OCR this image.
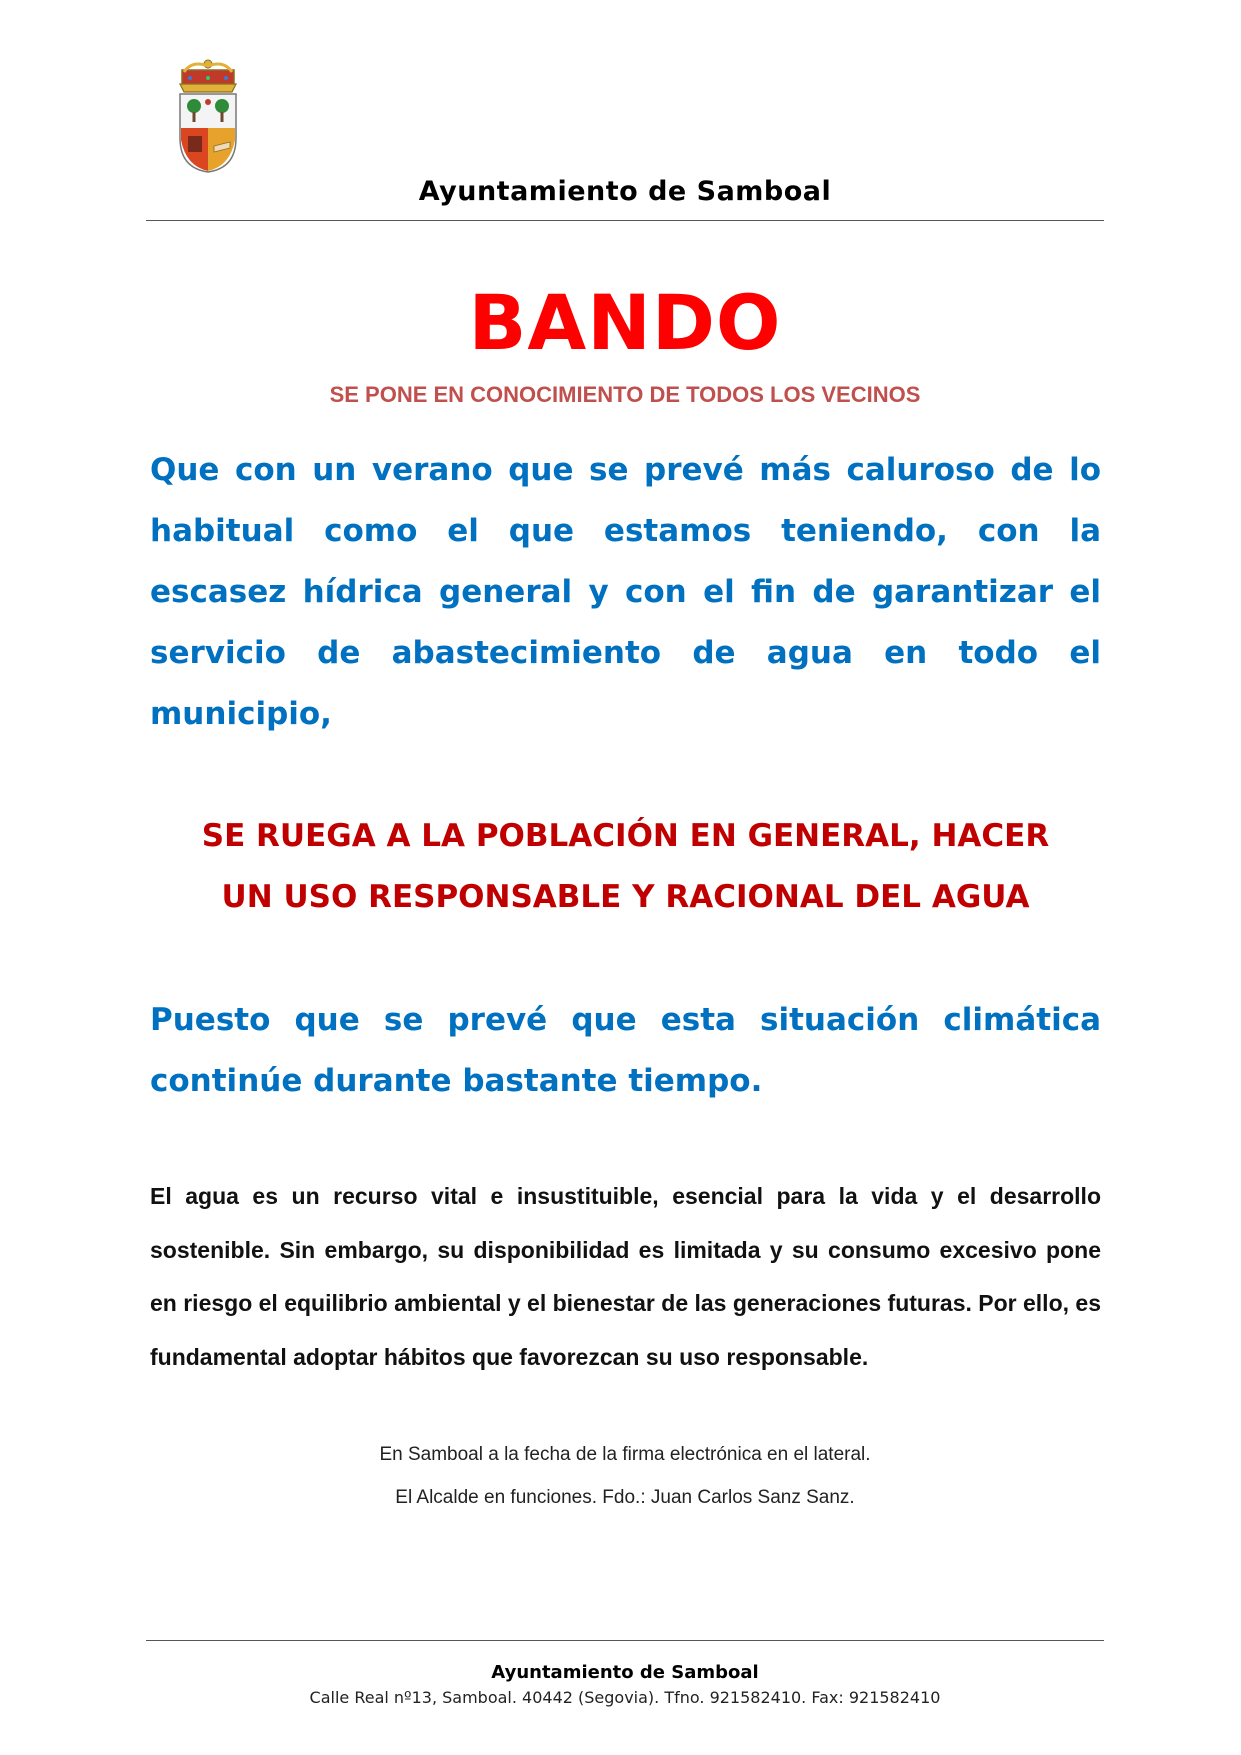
Ayuntamiento de Samboal
BANDO
SE PONE EN CONOCIMIENTO DE TODOS LOS VECINOS
Que con un verano que se prevé más caluroso de lo habitual como el que estamos teniendo, con la escasez hídrica general y con el fin de garantizar el servicio de abastecimiento de agua en todo el municipio,
SE RUEGA A LA POBLACIÓN EN GENERAL, HACER
UN USO RESPONSABLE Y RACIONAL DEL AGUA
Puesto que se prevé que esta situación climática continúe durante bastante tiempo.
El agua es un recurso vital e insustituible, esencial para la vida y el desarrollo sostenible. Sin embargo, su disponibilidad es limitada y su consumo excesivo pone en riesgo el equilibrio ambiental y el bienestar de las generaciones futuras. Por ello, es fundamental adoptar hábitos que favorezcan su uso responsable.
En Samboal a la fecha de la firma electrónica en el lateral.
El Alcalde en funciones. Fdo.: Juan Carlos Sanz Sanz.
Ayuntamiento de Samboal
Calle Real nº13, Samboal. 40442 (Segovia). Tfno. 921582410. Fax: 921582410
